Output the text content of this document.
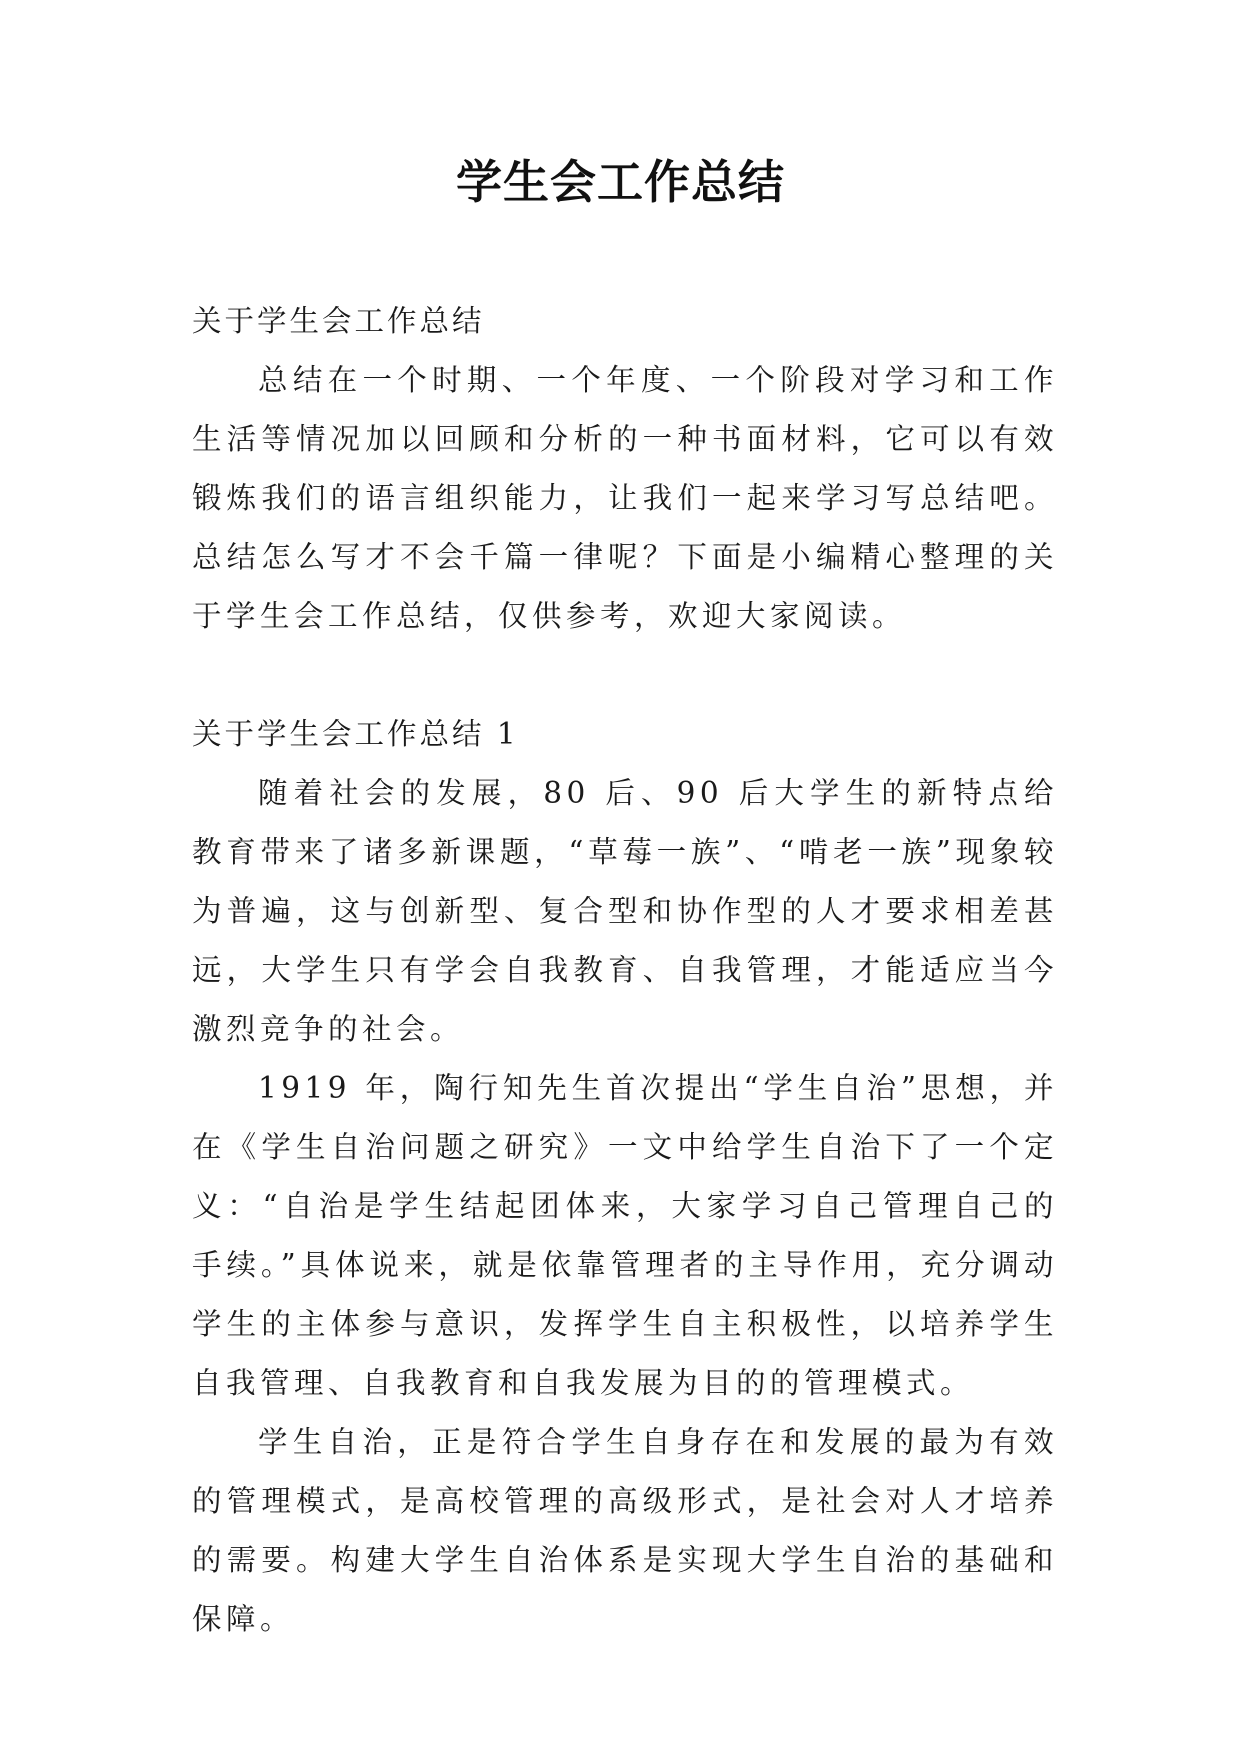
学生会工作总结

关于学生会工作总结

总结在一个时期、一个年度、一个阶段对学习和工作生活等情况加以回顾和分析的一种书面材料，它可以有效锻炼我们的语言组织能力，让我们一起来学习写总结吧。总结怎么写才不会千篇一律呢？下面是小编精心整理的关于学生会工作总结，仅供参考，欢迎大家阅读。

关于学生会工作总结 1

随着社会的发展，80 后、90 后大学生的新特点给教育带来了诸多新课题，“草莓一族”、“啃老一族”现象较为普遍，这与创新型、复合型和协作型的人才要求相差甚远，大学生只有学会自我教育、自我管理，才能适应当今激烈竞争的社会。

1919 年，陶行知先生首次提出“学生自治”思想，并在《学生自治问题之研究》一文中给学生自治下了一个定义：“自治是学生结起团体来，大家学习自己管理自己的手续。”具体说来，就是依靠管理者的主导作用，充分调动学生的主体参与意识，发挥学生自主积极性，以培养学生自我管理、自我教育和自我发展为目的的管理模式。

学生自治，正是符合学生自身存在和发展的最为有效的管理模式，是高校管理的高级形式，是社会对人才培养的需要。构建大学生自治体系是实现大学生自治的基础和保障。
